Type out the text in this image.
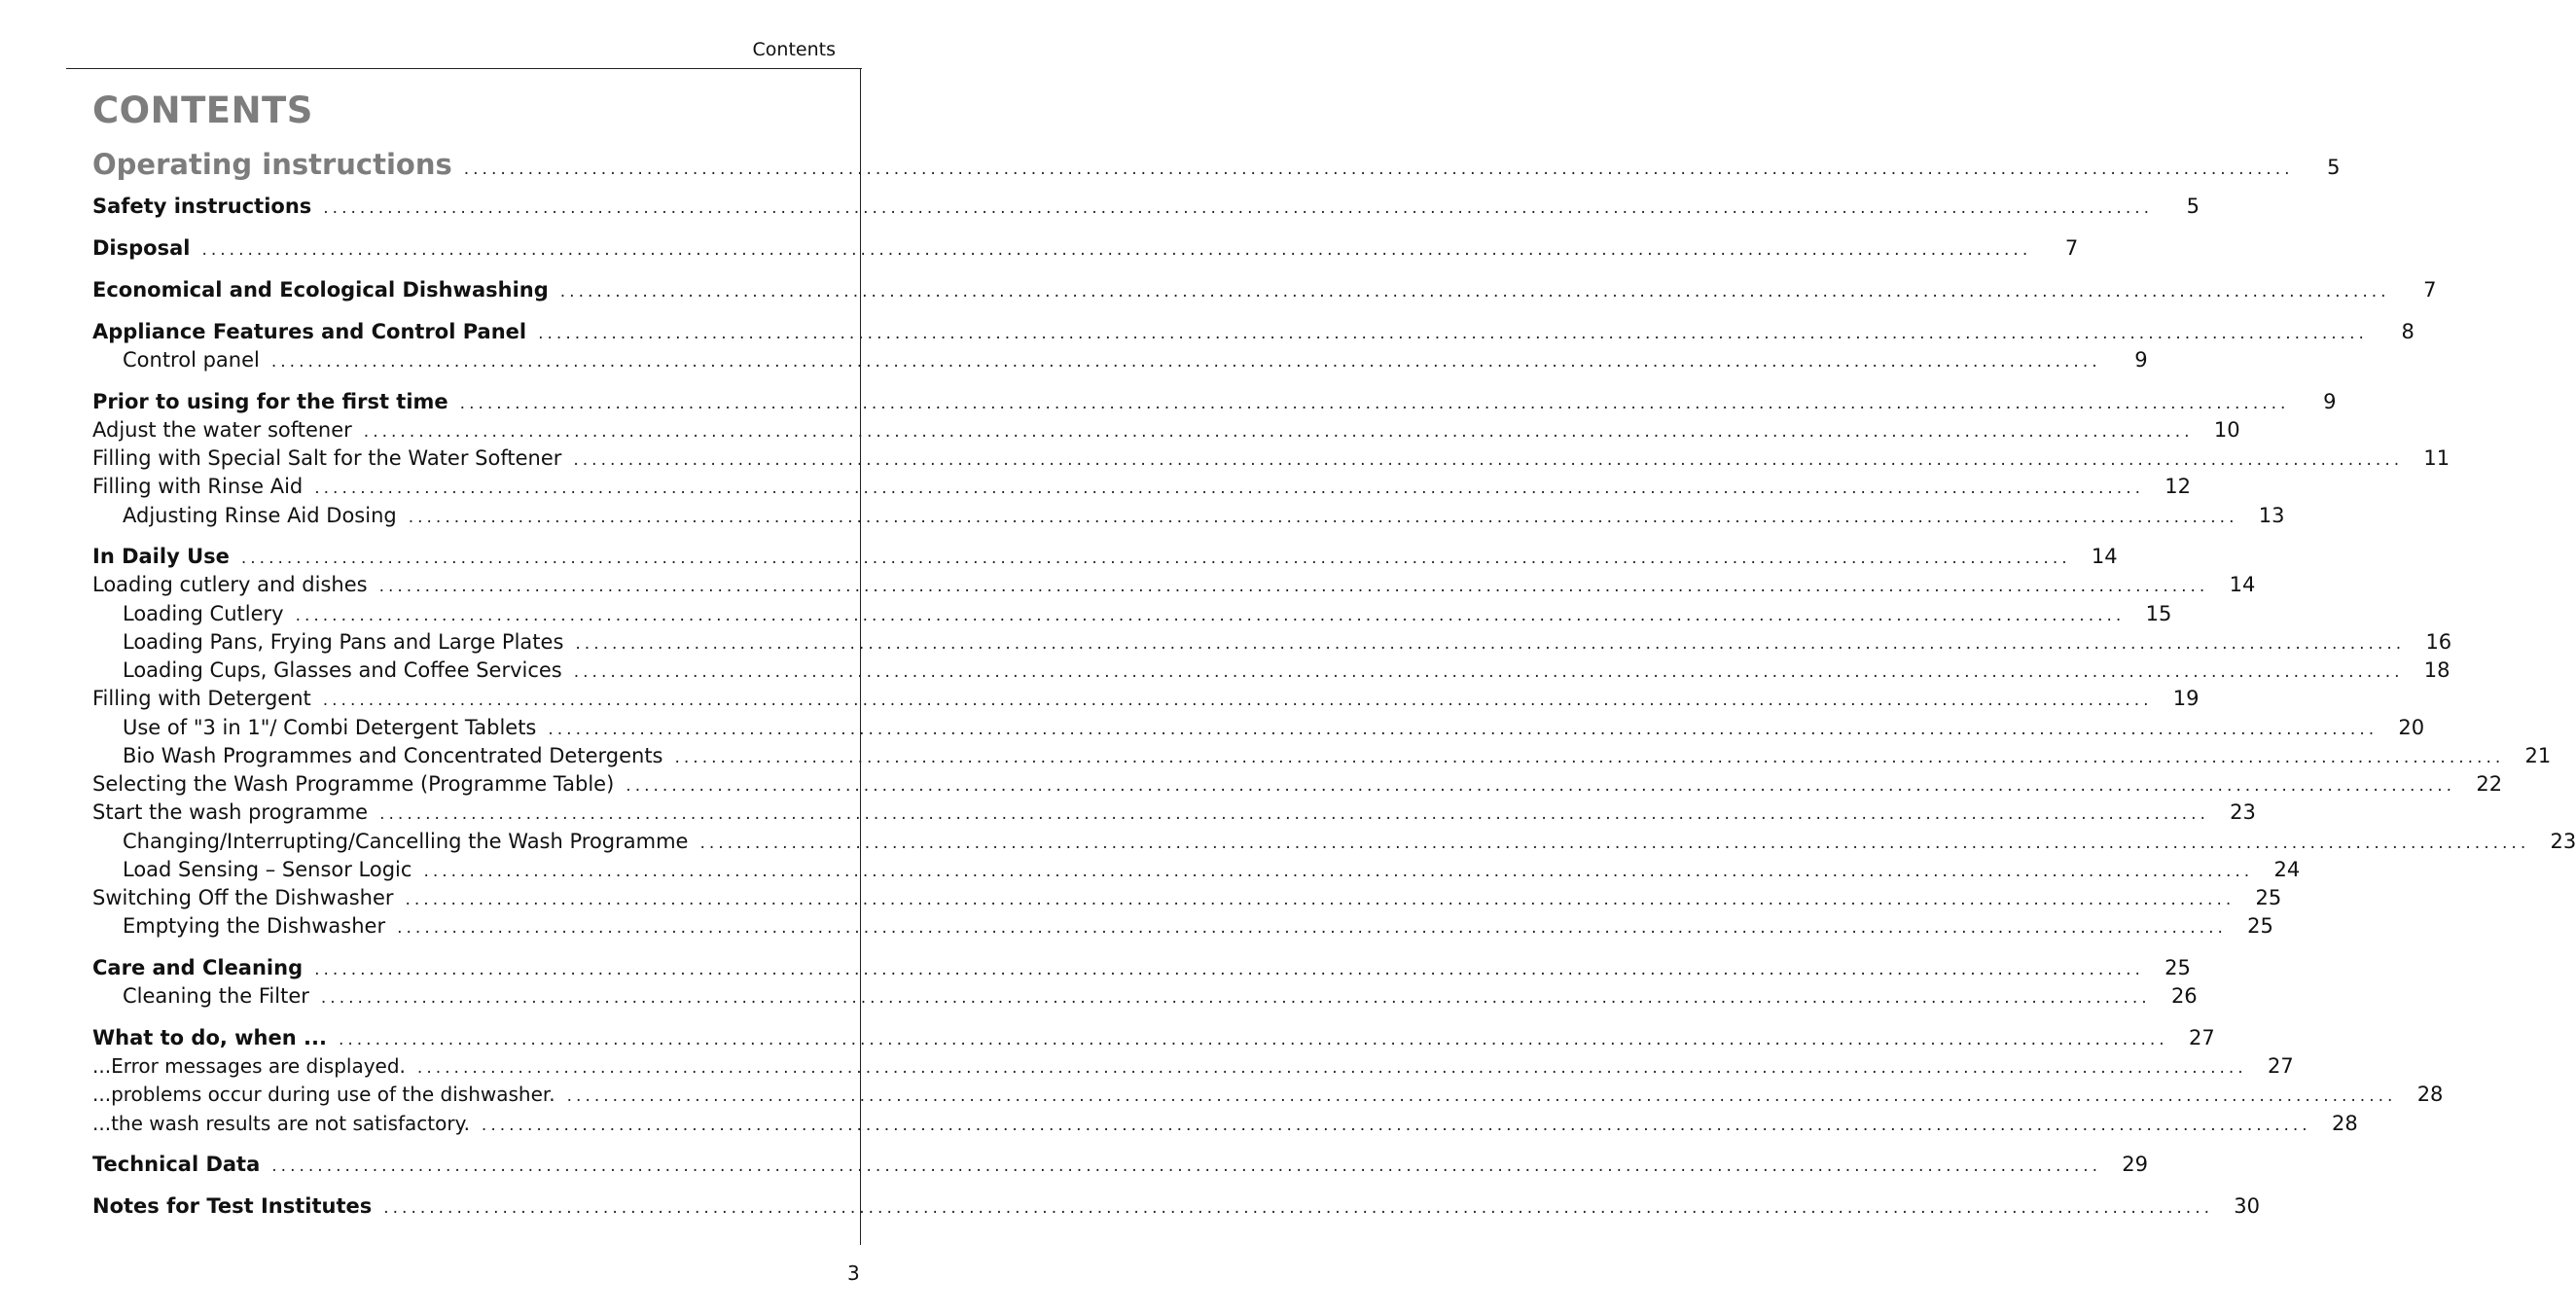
Contents
CONTENTS
Operating instructions ........................................................................................................................................................................................................	5
Safety instructions ........................................................................................................................................................................................................	5
Disposal ........................................................................................................................................................................................................	7
Economical and Ecological Dishwashing ........................................................................................................................................................................................................	7
Appliance Features and Control Panel ........................................................................................................................................................................................................	8
Control panel ........................................................................................................................................................................................................	9
Prior to using for the first time ........................................................................................................................................................................................................	9
Adjust the water softener ........................................................................................................................................................................................................	10
Filling with Special Salt for the Water Softener ........................................................................................................................................................................................................	11
Filling with Rinse Aid ........................................................................................................................................................................................................	12
Adjusting Rinse Aid Dosing ........................................................................................................................................................................................................	13
In Daily Use ........................................................................................................................................................................................................	14
Loading cutlery and dishes ........................................................................................................................................................................................................	14
Loading Cutlery ........................................................................................................................................................................................................	15
Loading Pans, Frying Pans and Large Plates ........................................................................................................................................................................................................	16
Loading Cups, Glasses and Coffee Services ........................................................................................................................................................................................................	18
Filling with Detergent ........................................................................................................................................................................................................	19
Use of "3 in 1"/ Combi Detergent Tablets ........................................................................................................................................................................................................	20
Bio Wash Programmes and Concentrated Detergents ........................................................................................................................................................................................................	21
Selecting the Wash Programme (Programme Table) ........................................................................................................................................................................................................	22
Start the wash programme ........................................................................................................................................................................................................	23
Changing/Interrupting/Cancelling the Wash Programme ........................................................................................................................................................................................................	23
Load Sensing – Sensor Logic ........................................................................................................................................................................................................	24
Switching Off the Dishwasher ........................................................................................................................................................................................................	25
Emptying the Dishwasher ........................................................................................................................................................................................................	25
Care and Cleaning ........................................................................................................................................................................................................	25
Cleaning the Filter ........................................................................................................................................................................................................	26
What to do, when ... ........................................................................................................................................................................................................	27
...Error messages are displayed. ........................................................................................................................................................................................................	27
...problems occur during use of the dishwasher. ........................................................................................................................................................................................................	28
...the wash results are not satisfactory. ........................................................................................................................................................................................................	28
Technical Data ........................................................................................................................................................................................................	29
Notes for Test Institutes ........................................................................................................................................................................................................	30
3
